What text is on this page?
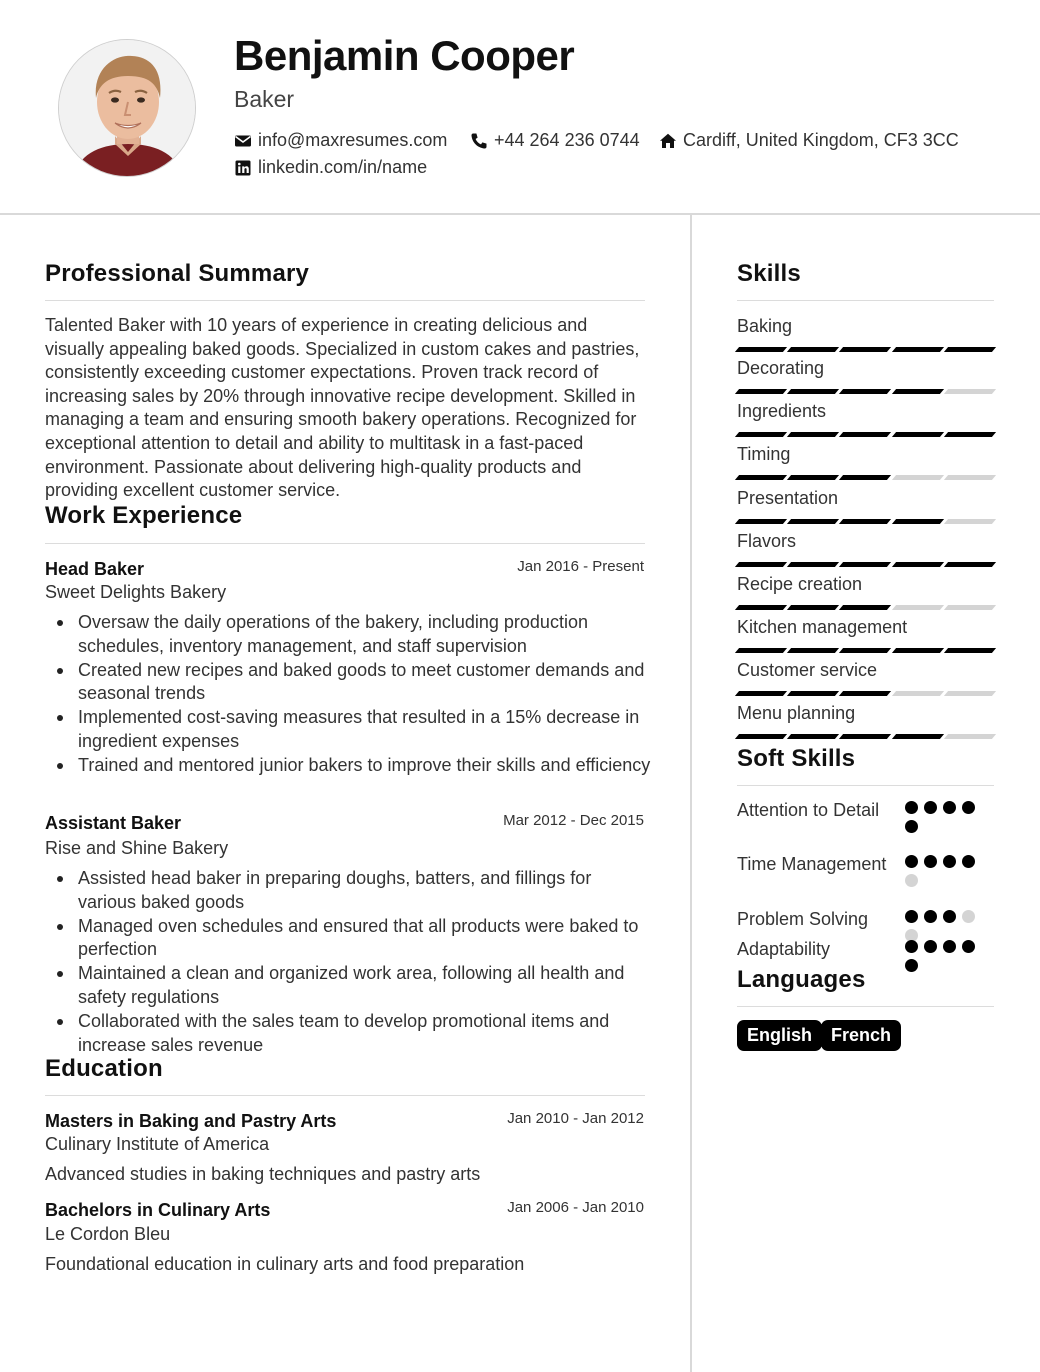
Benjamin Cooper
Baker
info@maxresumes.com	+44 264 236 0744 Cardiff, United Kingdom, CF3 3CC
linkedin.com/in/name
Professional Summary
Talented Baker with 10 years of experience in creating delicious and visually appealing baked goods. Specialized in custom cakes and pastries, consistently exceeding customer expectations. Proven track record of increasing sales by 20% through innovative recipe development. Skilled in managing a team and ensuring smooth bakery operations. Recognized for exceptional attention to detail and ability to multitask in a fast-paced environment. Passionate about delivering high-quality products and providing excellent customer service.
Work Experience
Head Baker	Jan 2016 - Present
Sweet Delights Bakery
Oversaw the daily operations of the bakery, including production schedules, inventory management, and staff supervision
Created new recipes and baked goods to meet customer demands and seasonal trends
Implemented cost-saving measures that resulted in a 15% decrease in ingredient expenses
Trained and mentored junior bakers to improve their skills and efficiency
Assistant Baker	Mar 2012 - Dec 2015
Rise and Shine Bakery
Assisted head baker in preparing doughs, batters, and fillings for various baked goods
Managed oven schedules and ensured that all products were baked to perfection
Maintained a clean and organized work area, following all health and safety regulations
Collaborated with the sales team to develop promotional items and increase sales revenue
Education
Masters in Baking and Pastry Arts	Jan 2010 - Jan 2012
Culinary Institute of America
Advanced studies in baking techniques and pastry arts
Bachelors in Culinary Arts	Jan 2006 - Jan 2010
Le Cordon Bleu
Foundational education in culinary arts and food preparation
Skills
Baking
Decorating
Ingredients
Timing
Presentation
Flavors
Recipe creation
Kitchen management
Customer service
Menu planning
Soft Skills
Attention to Detail
Time Management
Problem Solving
Adaptability
Languages
English	French
